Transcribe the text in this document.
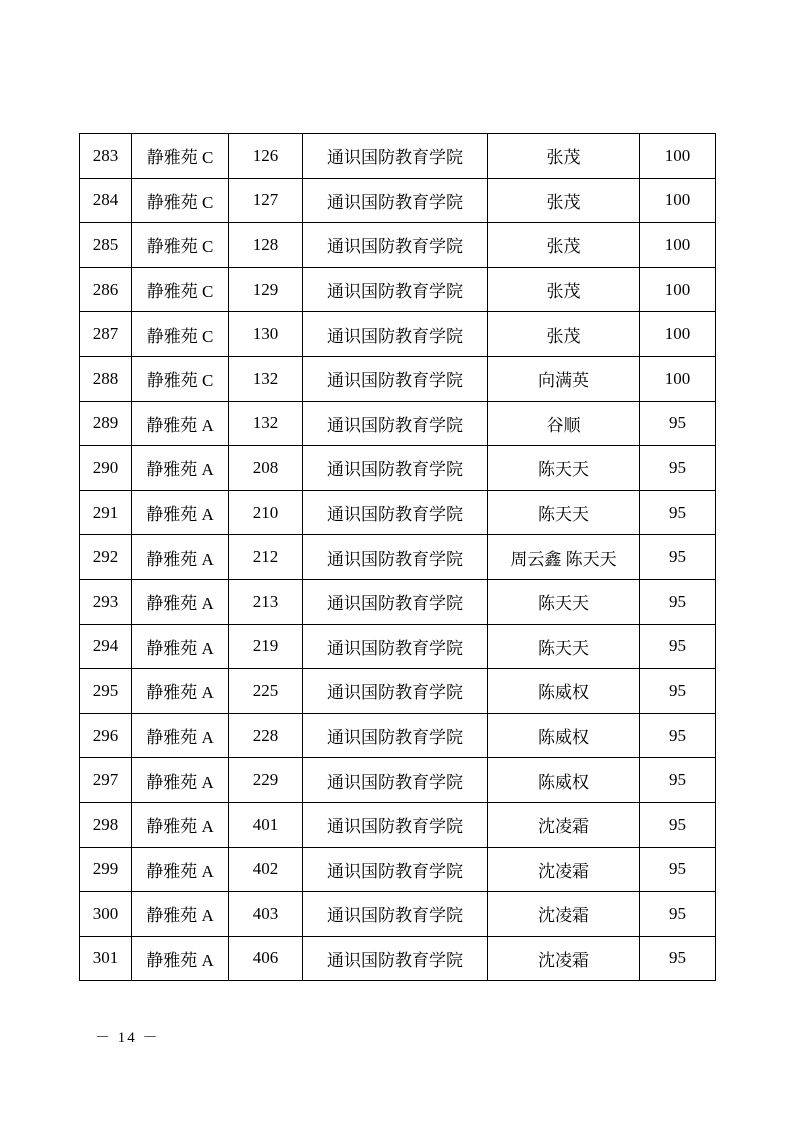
283	静雅苑 C	126	通识国防教育学院	张茂	100
284	静雅苑 C	127	通识国防教育学院	张茂	100
285	静雅苑 C	128	通识国防教育学院	张茂	100
286	静雅苑 C	129	通识国防教育学院	张茂	100
287	静雅苑 C	130	通识国防教育学院	张茂	100
288	静雅苑 C	132	通识国防教育学院	向满英	100
289	静雅苑 A	132	通识国防教育学院	谷顺	95
290	静雅苑 A	208	通识国防教育学院	陈天天	95
291	静雅苑 A	210	通识国防教育学院	陈天天	95
292	静雅苑 A	212	通识国防教育学院	周云鑫 陈天天	95
293	静雅苑 A	213	通识国防教育学院	陈天天	95
294	静雅苑 A	219	通识国防教育学院	陈天天	95
295	静雅苑 A	225	通识国防教育学院	陈威权	95
296	静雅苑 A	228	通识国防教育学院	陈威权	95
297	静雅苑 A	229	通识国防教育学院	陈威权	95
298	静雅苑 A	401	通识国防教育学院	沈凌霜	95
299	静雅苑 A	402	通识国防教育学院	沈凌霜	95
300	静雅苑 A	403	通识国防教育学院	沈凌霜	95
301	静雅苑 A	406	通识国防教育学院	沈凌霜	95
－ 14 －
